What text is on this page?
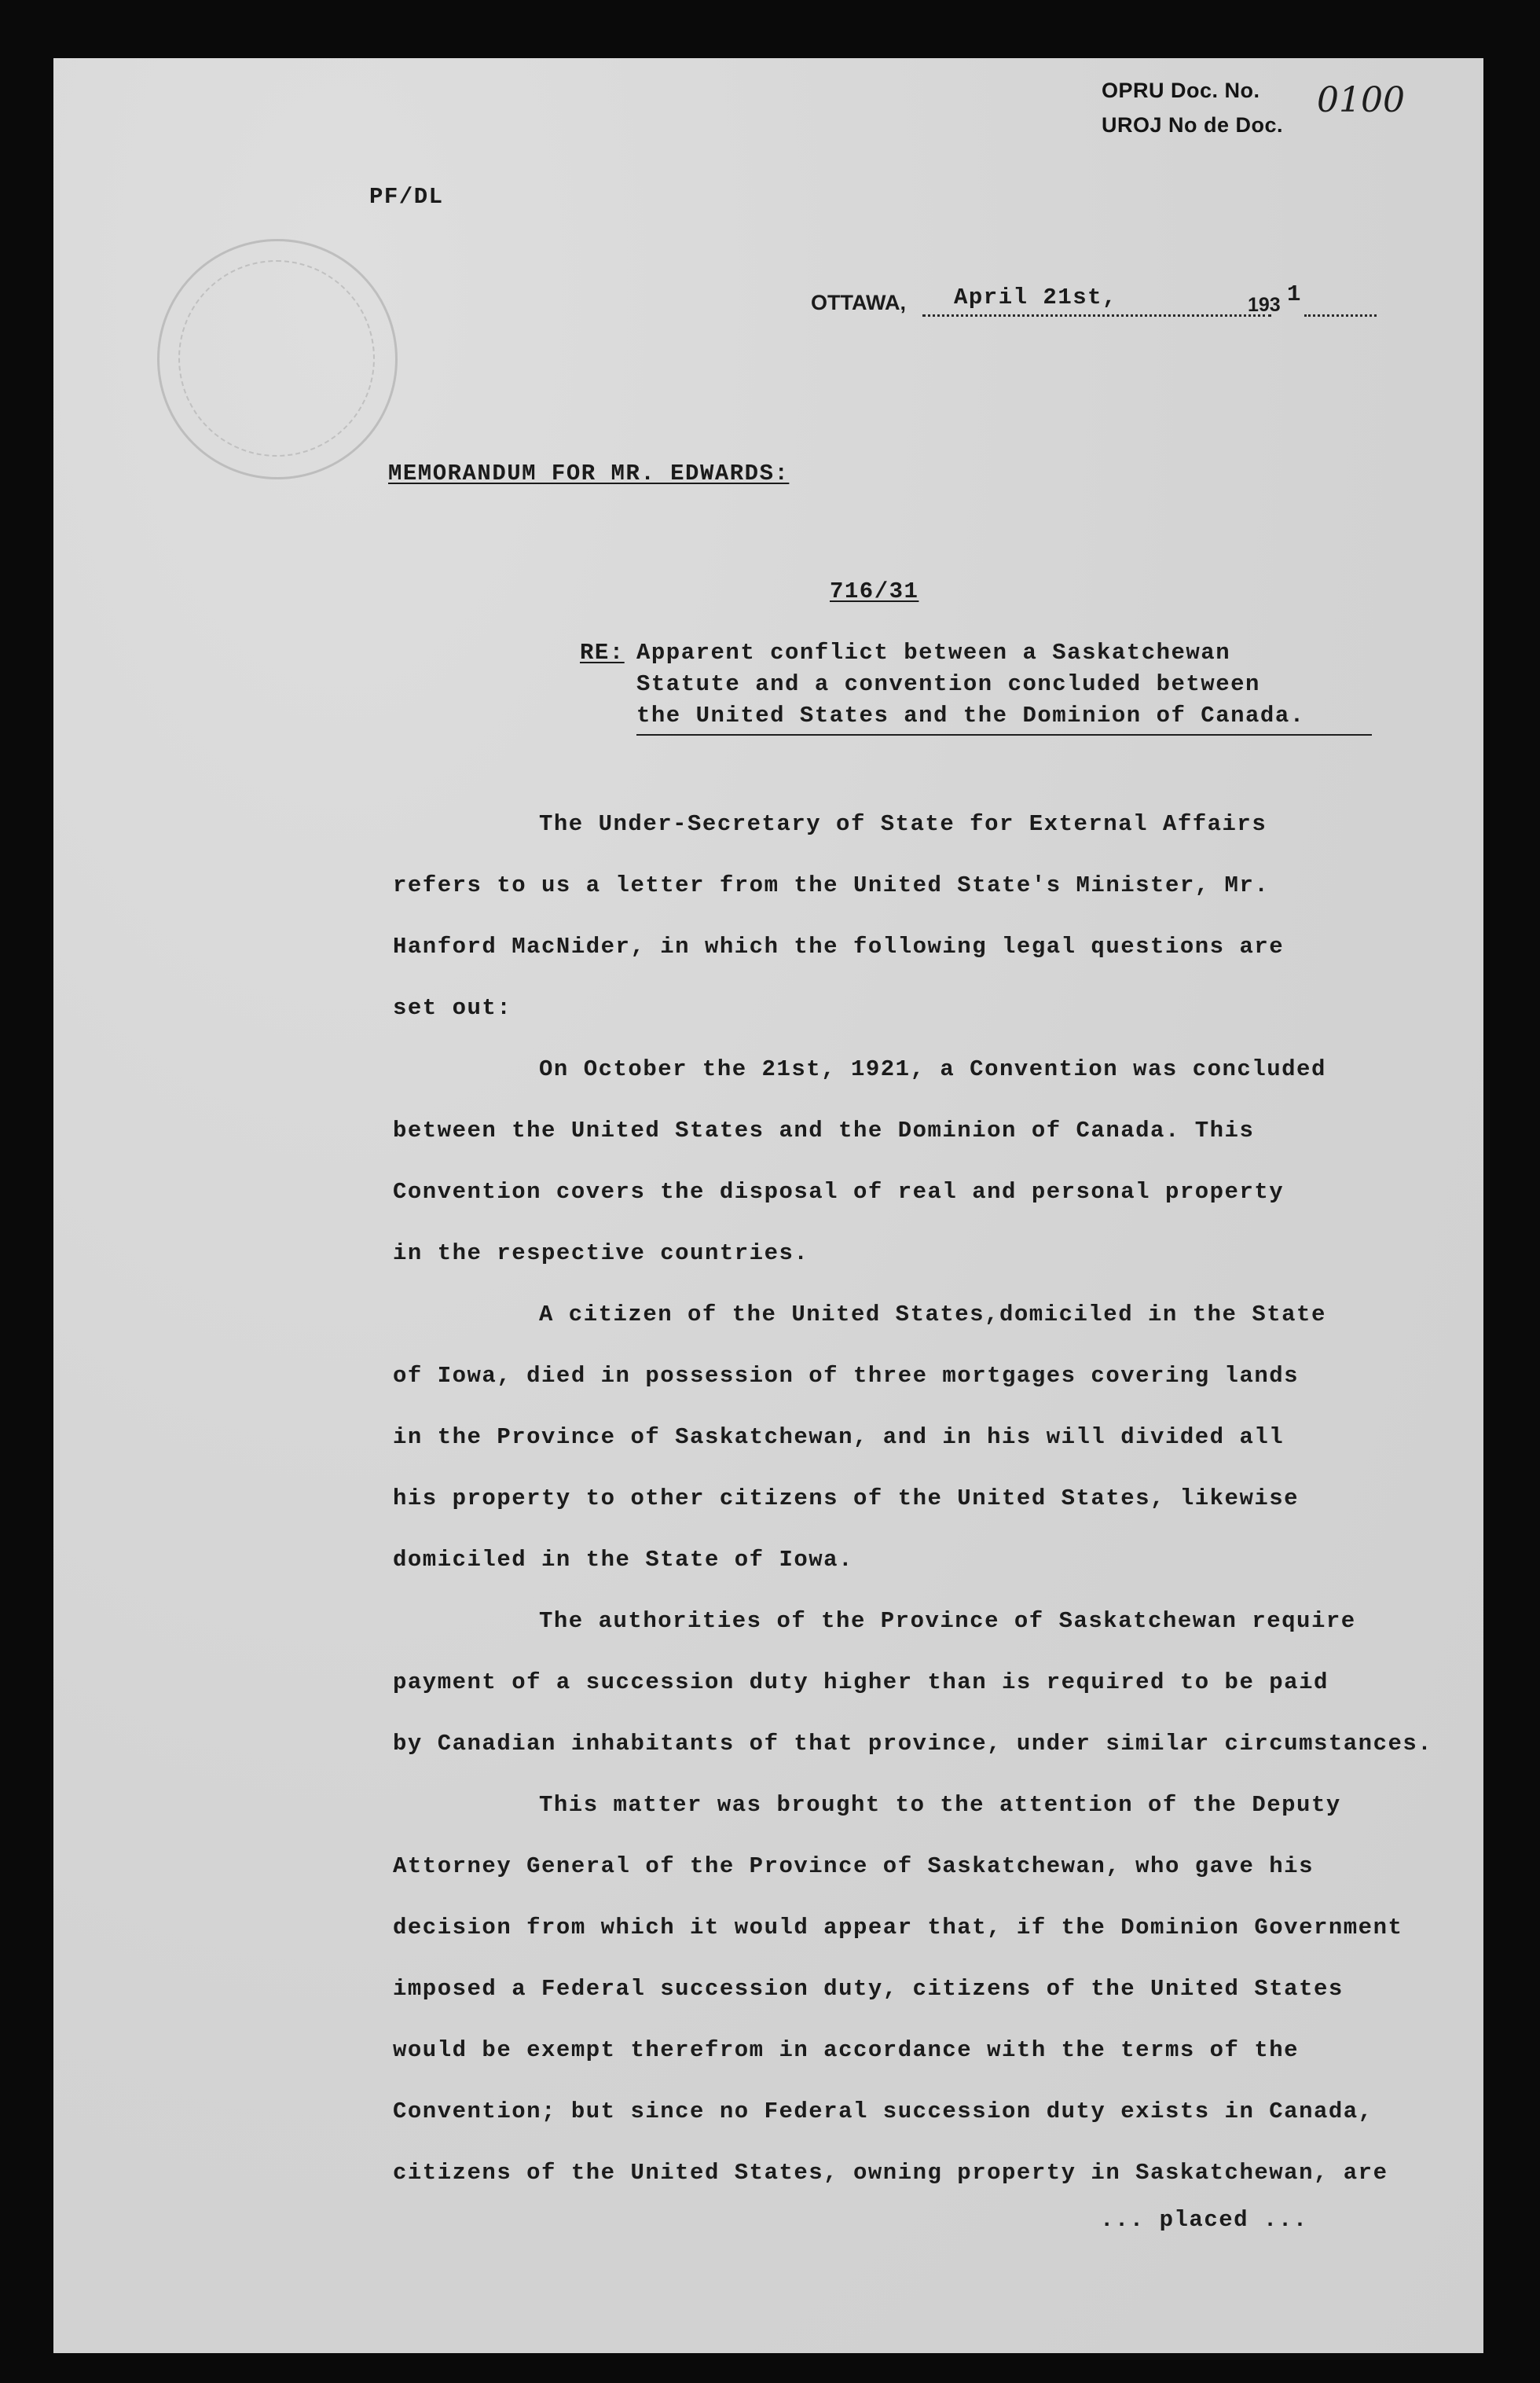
OPRU Doc. No.
UROJ No de Doc.
0100
PF/DL
OTTAWA, April 21st,	193 1
MEMORANDUM FOR MR. EDWARDS:
716/31
RE: Apparent conflict between a Saskatchewan
Statute and a convention concluded between
the United States and the Dominion of Canada.
The Under-Secretary of State for External Affairs
refers to us a letter from the United State's Minister, Mr.
Hanford MacNider, in which the following legal questions are
set out:
On October the 21st, 1921, a Convention was concluded
between the United States and the Dominion of Canada. This
Convention covers the disposal of real and personal property
in the respective countries.
A citizen of the United States,domiciled in the State
of Iowa, died in possession of three mortgages covering lands
in the Province of Saskatchewan, and in his will divided all
his property to other citizens of the United States, likewise
domiciled in the State of Iowa.
The authorities of the Province of Saskatchewan require
payment of a succession duty higher than is required to be paid
by Canadian inhabitants of that province, under similar circumstances.
This matter was brought to the attention of the Deputy
Attorney General of the Province of Saskatchewan, who gave his
decision from which it would appear that, if the Dominion Government
imposed a Federal succession duty, citizens of the United States
would be exempt therefrom in accordance with the terms of the
Convention; but since no Federal succession duty exists in Canada,
citizens of the United States, owning property in Saskatchewan, are
... placed ...
